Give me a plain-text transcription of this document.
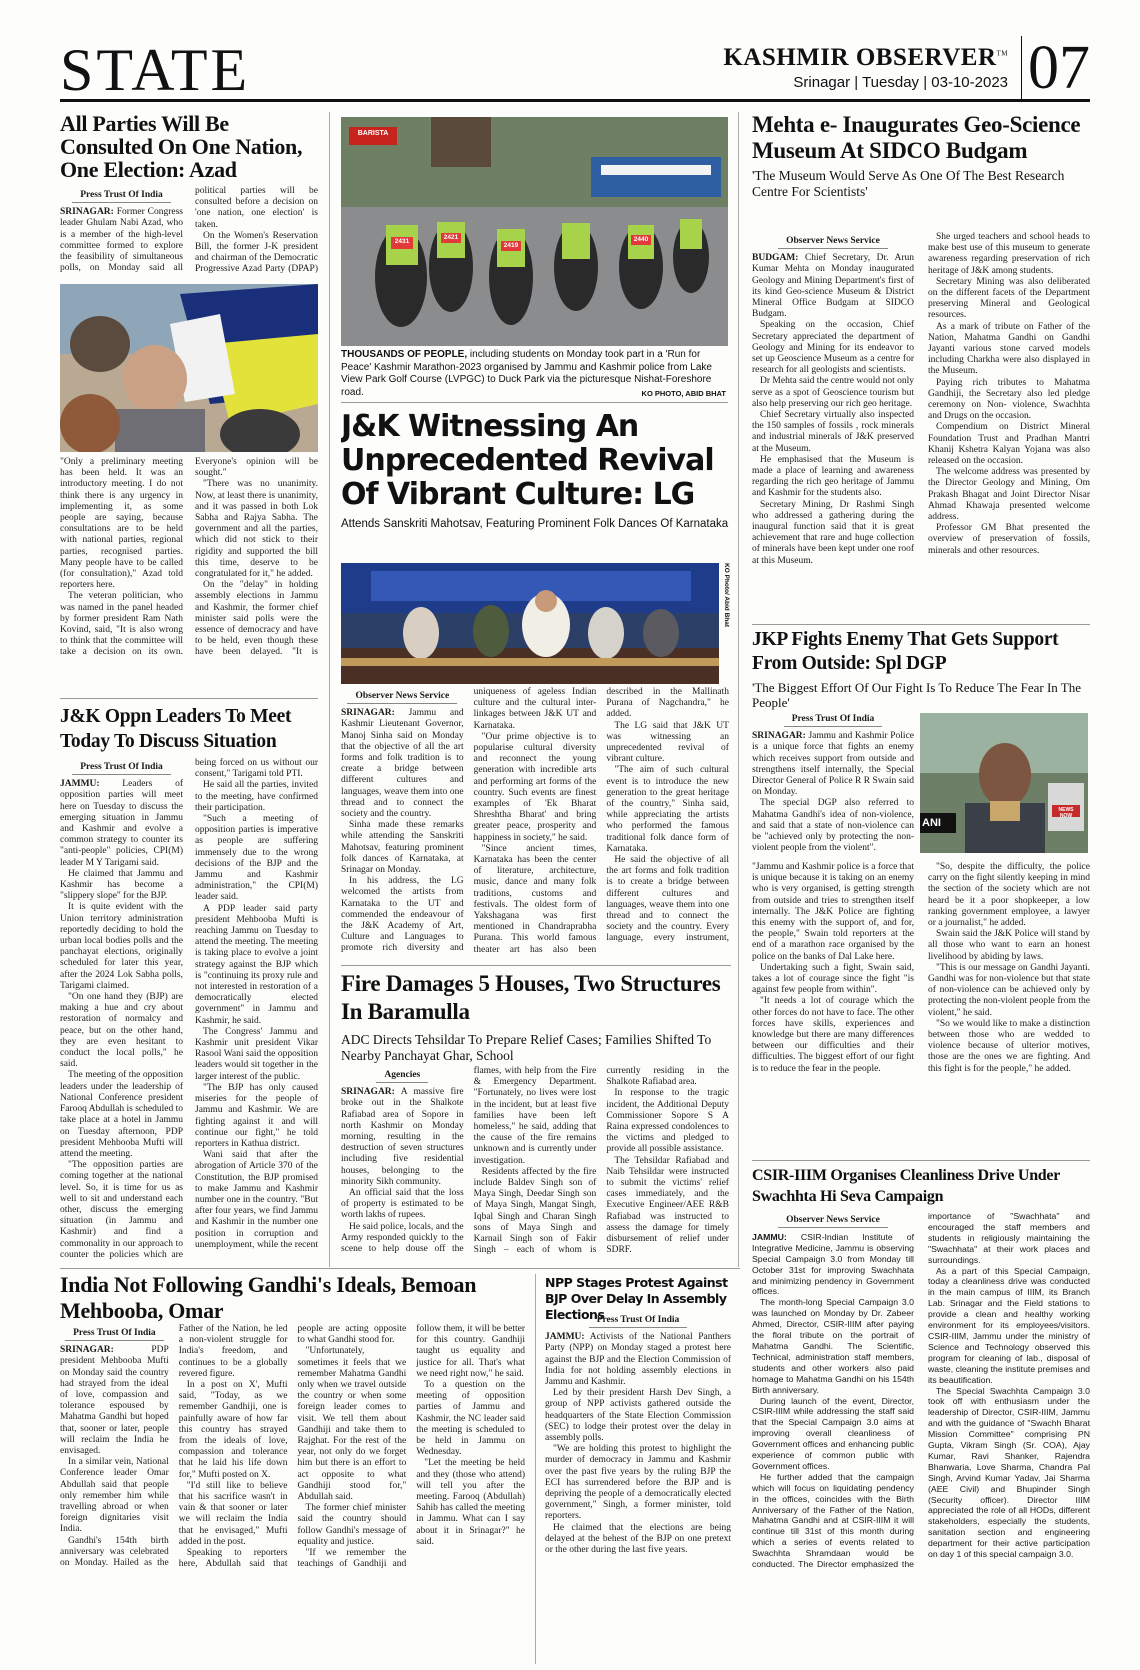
STATE	KASHMIR OBSERVER™
Srinagar | Tuesday | 03-10-2023 07
All Parties Will Be Consulted On One Nation, One Election: Azad
Press Trust Of India

SRINAGAR: Former Congress leader Ghulam Nabi Azad, who is a member of the high-level committee formed to explore the feasibility of simultaneous polls, on Monday said all political parties will be consulted before a decision on 'one nation, one election' is taken.

On the Women's Reservation Bill, the former J-K president and chairman of the Democratic Progressive Azad Party (DPAP)

"Only a preliminary meeting has been held. It was an introductory meeting. I do not think there is any urgency in implementing it, as some people are saying, because consultations are to be held with national parties, regional parties, recognised parties. Many people have to be called (for consultation)," Azad told reporters here.

The veteran politician, who was named in the panel headed by former president Ram Nath Kovind, said, "It is also wrong to think that the committee will take a decision on its own. Everyone's opinion will be sought."

"There was no unanimity. Now, at least there is unanimity, and it was passed in both Lok Sabha and Rajya Sabha. The government and all the parties, which did not stick to their rigidity and supported the bill this time, deserve to be congratulated for it," he added.

On the "delay" in holding assembly elections in Jammu and Kashmir, the former chief minister said polls were the essence of democracy and have to be held, even though these have been delayed. "It is

BARISTA
2431
2421
2419
2440
THOUSANDS OF PEOPLE, including students on Monday took part in a 'Run for Peace' Kashmir Marathon-2023 organised by Jammu and Kashmir police from Lake View Park Golf Course (LVPGC) to Duck Park via the picturesque Nishat-Foreshore road.	KO PHOTO, ABID BHAT
J&K Witnessing An Unprecedented Revival Of Vibrant Culture: LG
Attends Sanskriti Mahotsav, Featuring Prominent Folk Dances Of Karnataka
KO Photo/ Abid Bhat
Observer News Service

SRINAGAR: Jammu and Kashmir Lieutenant Governor, Manoj Sinha said on Monday that the objective of all the art forms and folk tradition is to create a bridge between different cultures and languages, weave them into one thread and to connect the society and the country.

Sinha made these remarks while attending the Sanskriti Mahotsav, featuring prominent folk dances of Karnataka, at Srinagar on Monday.

In his address, the LG welcomed the artists from Karnataka to the UT and commended the endeavour of the J&K Academy of Art, Culture and Languages to promote rich diversity and uniqueness of ageless Indian culture and the cultural inter-linkages between J&K UT and Karnataka.

"Our prime objective is to popularise cultural diversity and reconnect the young generation with incredible arts and performing art forms of the country. Such events are finest examples of 'Ek Bharat Shreshtha Bharat' and bring greater peace, prosperity and happiness in society," he said.

"Since ancient times, Karnataka has been the center of literature, architecture, music, dance and many folk traditions, customs and festivals. The oldest form of Yakshagana was first mentioned in Chandraprabha Purana. This world famous theater art has also been described in the Mallinath Purana of Nagchandra," he added.

The LG said that J&K UT was witnessing an unprecedented revival of vibrant culture.

"The aim of such cultural event is to introduce the new generation to the great heritage of the country," Sinha said, while appreciating the artists who performed the famous traditional folk dance form of Karnataka.

He said the objective of all the art forms and folk tradition is to create a bridge between different cultures and languages, weave them into one thread and to connect the society and the country. Every language, every instrument,

Mehta e- Inaugurates Geo-Science Museum At SIDCO Budgam
'The Museum Would Serve As One Of The Best Research Centre For Scientists'
Observer News Service

BUDGAM: Chief Secretary, Dr. Arun Kumar Mehta on Monday inaugurated Geology and Mining Department's first of its kind Geo-science Museum & District Mineral Office Budgam at SIDCO Budgam.

Speaking on the occasion, Chief Secretary appreciated the department of Geology and Mining for its endeavor to set up Geoscience Museum as a centre for research for all geologists and scientists.

Dr Mehta said the centre would not only serve as a spot of Geoscience tourism but also help preserving our rich geo heritage.

Chief Secretary virtually also inspected the 150 samples of fossils , rock minerals and industrial minerals of J&K preserved at the Museum.

He emphasised that the Museum is made a place of learning and awareness regarding the rich geo heritage of Jammu and Kashmir for the students also.

Secretary Mining, Dr Rashmi Singh who addressed a gathering during the inaugural function said that it is great achievement that rare and huge collection of minerals have been kept under one roof at this Museum.

She urged teachers and school heads to make best use of this museum to generate awareness regarding preservation of rich heritage of J&K among students.

Secretary Mining was also deliberated on the different facets of the Department preserving Mineral and Geological resources.

As a mark of tribute on Father of the Nation, Mahatma Gandhi on Gandhi Jayanti various stone carved models including Charkha were also displayed in the Museum.

Paying rich tributes to Mahatma Gandhiji, the Secretary also led pledge ceremony on Non- violence, Swachhta and Drugs on the occasion.

Compendium on District Mineral Foundation Trust and Pradhan Mantri Khanij Kshetra Kalyan Yojana was also released on the occasion.

The welcome address was presented by the Director Geology and Mining, Om Prakash Bhagat and Joint Director Nisar Ahmad Khawaja presented welcome address.

Professor GM Bhat presented the overview of preservation of fossils, minerals and other resources.

JKP Fights Enemy That Gets Support From Outside: Spl DGP
'The Biggest Effort Of Our Fight Is To Reduce The Fear In The People'
ANI
NEWS NOW
Press Trust Of India

SRINAGAR: Jammu and Kashmir Police is a unique force that fights an enemy which receives support from outside and strengthens itself internally, the Special Director General of Police R R Swain said on Monday.

The special DGP also referred to Mahatma Gandhi's idea of non-violence, and said that a state of non-violence can be "achieved only by protecting the non-violent people from the violent".

"Jammu and Kashmir police is a force that is unique because it is taking on an enemy who is very organised, is getting strength from outside and tries to strengthen itself internally. The J&K Police are fighting this enemy with the support of, and for, the people," Swain told reporters at the end of a marathon race organised by the police on the banks of Dal Lake here.

Undertaking such a fight, Swain said, takes a lot of courage since the fight "is against few people from within".

"It needs a lot of courage which the other forces do not have to face. The other forces have skills, experiences and knowledge but there are many differences between our difficulties and their difficulties. The biggest effort of our fight is to reduce the fear in the people.

"So, despite the difficulty, the police carry on the fight silently keeping in mind the section of the society which are not heard be it a poor shopkeeper, a low ranking government employee, a lawyer or a journalist," he added.

Swain said the J&K Police will stand by all those who want to earn an honest livelihood by abiding by laws.

"This is our message on Gandhi Jayanti. Gandhi was for non-violence but that state of non-violence can be achieved only by protecting the non-violent people from the violent," he said.

"So we would like to make a distinction between those who are wedded to violence because of ulterior motives, those are the ones we are fighting. And this fight is for the people," he added.

CSIR-IIIM Organises Cleanliness Drive Under Swachhta Hi Seva Campaign
Observer News Service

JAMMU: CSIR-Indian Institute of Integrative Medicine, Jammu is observing Special Campaign 3.0 from Monday till October 31st for improving Swachhata and minimizing pendency in Government offices.

The month-long Special Campaign 3.0 was launched on Monday by Dr. Zabeer Ahmed, Director, CSIR-IIIM after paying the floral tribute on the portrait of Mahatma Gandhi. The Scientific, Technical, administration staff members, students and other workers also paid homage to Mahatma Gandhi on his 154th Birth anniversary.

During launch of the event, Director, CSIR-IIIM while addressing the staff said that the Special Campaign 3.0 aims at improving overall cleanliness of Government offices and enhancing public experience of common public with Government offices.

He further added that the campaign which will focus on liquidating pendency in the offices, coincides with the Birth Anniversary of the Father of the Nation, Mahatma Gandhi and at CSIR-IIIM it will continue till 31st of this month during which a series of events related to Swachhta Shramdaan would be conducted. The Director emphasized the importance of "Swachhata" and encouraged the staff members and students in religiously maintaining the "Swachhata" at their work places and surroundings.

As a part of this Special Campaign, today a cleanliness drive was conducted in the main campus of IIIM, its Branch Lab. Srinagar and the Field stations to provide a clean and healthy working environment for its employees/visitors. CSIR-IIIM, Jammu under the ministry of Science and Technology observed this program for cleaning of lab., disposal of waste, cleaning the institute premises and its beautification.

The Special Swachhta Campaign 3.0 took off with enthusiasm under the leadership of Director, CSIR-IIIM, Jammu and with the guidance of "Swachh Bharat Mission Committee" comprising PN Gupta, Vikram Singh (Sr. COA), Ajay Kumar, Ravi Shanker, Rajendra Bhanwaria, Love Sharma, Chandra Pal Singh, Arvind Kumar Yadav, Jai Sharma (AEE Civil) and Bhupinder Singh (Security officer). Director IIIM appreciated the role of all HODs, different stakeholders, especially the students, sanitation section and engineering department for their active participation on day 1 of this special campaign 3.0.

J&K Oppn Leaders To Meet Today To Discuss Situation
Press Trust Of India

JAMMU: Leaders of opposition parties will meet here on Tuesday to discuss the emerging situation in Jammu and Kashmir and evolve a common strategy to counter its "anti-people" policies, CPI(M) leader M Y Tarigami said.

He claimed that Jammu and Kashmir has become a "slippery slope" for the BJP.

It is quite evident with the Union territory administration reportedly deciding to hold the urban local bodies polls and the panchayat elections, originally scheduled for later this year, after the 2024 Lok Sabha polls, Tarigami claimed.

"On one hand they (BJP) are making a hue and cry about restoration of normalcy and peace, but on the other hand, they are even hesitant to conduct the local polls," he said.

The meeting of the opposition leaders under the leadership of National Conference president Farooq Abdullah is scheduled to take place at a hotel in Jammu on Tuesday afternoon, PDP president Mehbooba Mufti will attend the meeting.

"The opposition parties are coming together at the national level. So, it is time for us as well to sit and understand each other, discuss the emerging situation (in Jammu and Kashmir) and find a commonality in our approach to counter the policies which are being forced on us without our consent," Tarigami told PTI.

He said all the parties, invited to the meeting, have confirmed their participation.

"Such a meeting of opposition parties is imperative as people are suffering immensely due to the wrong decisions of the BJP and the Jammu and Kashmir administration," the CPI(M) leader said.

A PDP leader said party president Mehbooba Mufti is reaching Jammu on Tuesday to attend the meeting. The meeting is taking place to evolve a joint strategy against the BJP which is "continuing its proxy rule and not interested in restoration of a democratically elected government" in Jammu and Kashmir, he said.

The Congress' Jammu and Kashmir unit president Vikar Rasool Wani said the opposition leaders would sit together in the larger interest of the public.

"The BJP has only caused miseries for the people of Jammu and Kashmir. We are fighting against it and will continue our fight," he told reporters in Kathua district.

Wani said that after the abrogation of Article 370 of the Constitution, the BJP promised to make Jammu and Kashmir number one in the country. "But after four years, we find Jammu and Kashmir in the number one position in corruption and unemployment, while the recent

Fire Damages 5 Houses, Two Structures In Baramulla
ADC Directs Tehsildar To Prepare Relief Cases; Families Shifted To Nearby Panchayat Ghar, School
Agencies

SRINAGAR: A massive fire broke out in the Shalkote Rafiabad area of Sopore in north Kashmir on Monday morning, resulting in the destruction of seven structures including five residential houses, belonging to the minority Sikh community.

An official said that the loss of property is estimated to be worth lakhs of rupees.

He said police, locals, and the Army responded quickly to the scene to help douse off the flames, with help from the Fire & Emergency Department. "Fortunately, no lives were lost in the incident, but at least five families have been left homeless," he said, adding that the cause of the fire remains unknown and is currently under investigation.

Residents affected by the fire include Baldev Singh son of Maya Singh, Deedar Singh son of Maya Singh, Mangat Singh, Iqbal Singh and Charan Singh sons of Maya Singh and Karnail Singh son of Fakir Singh – each of whom is currently residing in the Shalkote Rafiabad area.

In response to the tragic incident, the Additional Deputy Commissioner Sopore S A Raina expressed condolences to the victims and pledged to provide all possible assistance.

The Tehsildar Rafiabad and Naib Tehsildar were instructed to submit the victims' relief cases immediately, and the Executive Engineer/AEE R&B Rafiabad was instructed to assess the damage for timely disbursement of relief under SDRF.

India Not Following Gandhi's Ideals, Bemoan Mehbooba, Omar
Press Trust Of India

SRINAGAR:	PDP president Mehbooba Mufti on Monday said the country had strayed from the ideal of love, compassion and tolerance espoused by Mahatma Gandhi but hoped that, sooner or later, people will reclaim the India he envisaged.

In a similar vein, National Conference leader Omar Abdullah said that people only remember him while travelling abroad or when foreign dignitaries visit India.

Gandhi's 154th birth anniversary was celebrated on Monday. Hailed as the Father of the Nation, he led a non-violent struggle for India's freedom, and continues to be a globally revered figure.

In a post on X', Mufti said, "Today, as we remember Gandhiji, one is painfully aware of how far this country has strayed from the ideals of love, compassion and tolerance that he laid his life down for," Mufti posted on X.

"I'd still like to believe that his sacrifice wasn't in vain & that sooner or later we will reclaim the India that he envisaged," Mufti added in the post.

Speaking to reporters here, Abdullah said that people are acting opposite to what Gandhi stood for.

"Unfortunately, sometimes it feels that we remember Mahatma Gandhi only when we travel outside the country or when some foreign leader comes to visit. We tell them about Gandhiji and take them to Rajghat. For the rest of the year, not only do we forget him but there is an effort to act opposite to what Gandhiji stood for," Abdullah said.

The former chief minister said the country should follow Gandhi's message of equality and justice.

"If we remember the teachings of Gandhiji and follow them, it will be better for this country. Gandhiji taught us equality and justice for all. That's what we need right now," he said.

To a question on the meeting of opposition parties of Jammu and Kashmir, the NC leader said the meeting is scheduled to be held in Jammu on Wednesday.

"Let the meeting be held and they (those who attend) will tell you after the meeting. Farooq (Abdullah) Sahib has called the meeting in Jammu. What can I say about it in Srinagar?" he said.

NPP Stages Protest Against BJP Over Delay In Assembly Elections
Press Trust Of India

JAMMU: Activists of the National Panthers Party (NPP) on Monday staged a protest here against the BJP and the Election Commission of India for not holding assembly elections in Jammu and Kashmir.

Led by their president Harsh Dev Singh, a group of NPP activists gathered outside the headquarters of the State Election Commission (SEC) to lodge their protest over the delay in assembly polls.

"We are holding this protest to highlight the murder of democracy in Jammu and Kashmir over the past five years by the ruling BJP the ECI has surrendered before the BJP and is depriving the people of a democratically elected government," Singh, a former minister, told reporters.

He claimed that the elections are being delayed at the behest of the BJP on one pretext or the other during the last five years.
